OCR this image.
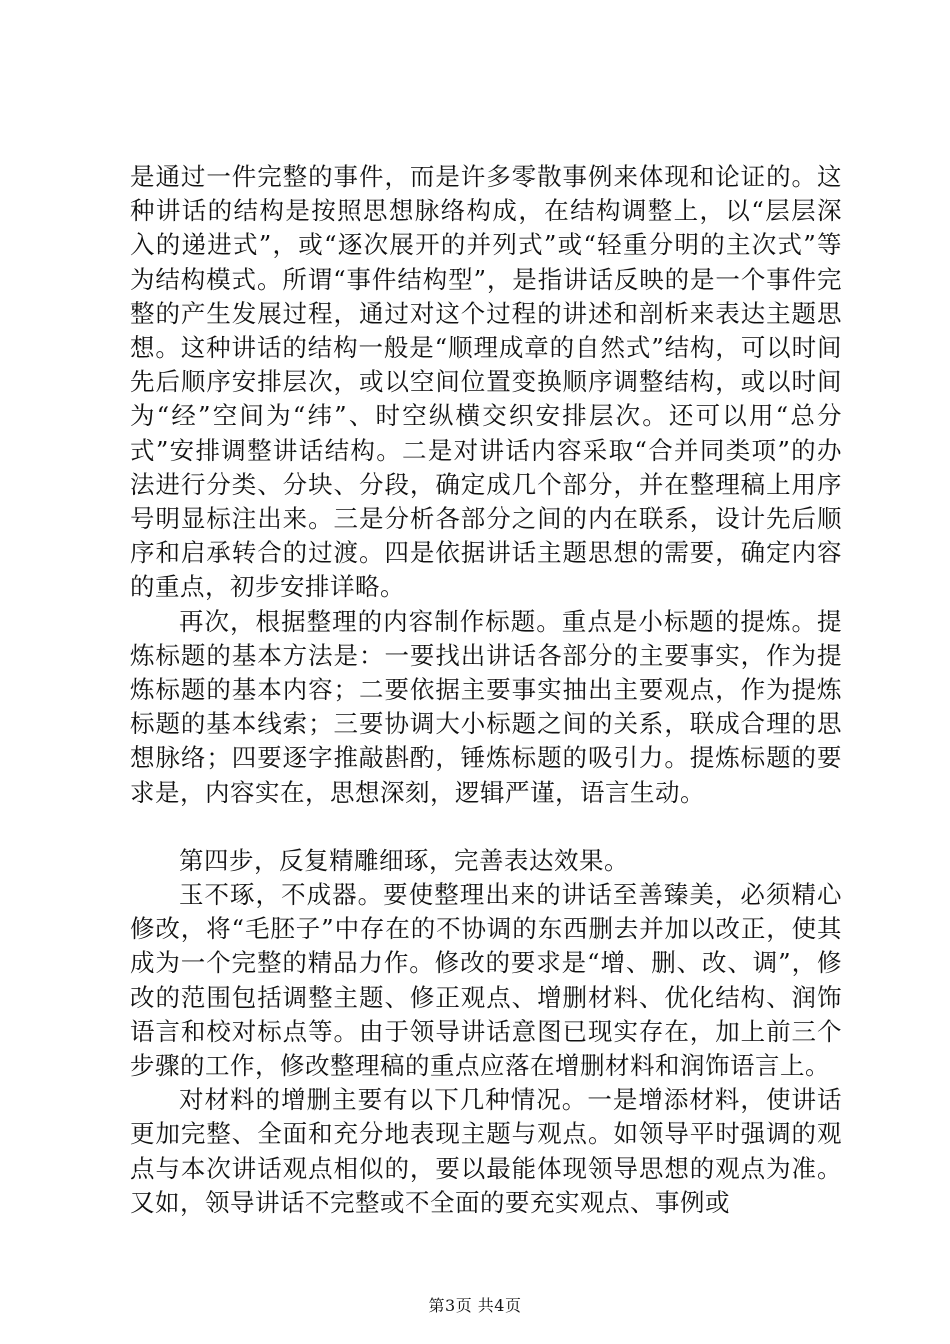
是通过一件完整的事件，而是许多零散事例来体现和论证的。这种讲话的结构是按照思想脉络构成，在结构调整上，以“层层深入的递进式”，或“逐次展开的并列式”或“轻重分明的主次式”等为结构模式。所谓“事件结构型”，是指讲话反映的是一个事件完整的产生发展过程，通过对这个过程的讲述和剖析来表达主题思想。这种讲话的结构一般是“顺理成章的自然式”结构，可以时间先后顺序安排层次，或以空间位置变换顺序调整结构，或以时间为“经”空间为“纬”、时空纵横交织安排层次。还可以用“总分式”安排调整讲话结构。二是对讲话内容采取“合并同类项”的办法进行分类、分块、分段，确定成几个部分，并在整理稿上用序号明显标注出来。三是分析各部分之间的内在联系，设计先后顺序和启承转合的过渡。四是依据讲话主题思想的需要，确定内容的重点，初步安排详略。

再次，根据整理的内容制作标题。重点是小标题的提炼。提炼标题的基本方法是：一要找出讲话各部分的主要事实，作为提炼标题的基本内容；二要依据主要事实抽出主要观点，作为提炼标题的基本线索；三要协调大小标题之间的关系，联成合理的思想脉络；四要逐字推敲斟酌，锤炼标题的吸引力。提炼标题的要求是，内容实在，思想深刻，逻辑严谨，语言生动。

第四步，反复精雕细琢，完善表达效果。

玉不琢，不成器。要使整理出来的讲话至善臻美，必须精心修改，将“毛胚子”中存在的不协调的东西删去并加以改正，使其成为一个完整的精品力作。修改的要求是“增、删、改、调”，修改的范围包括调整主题、修正观点、增删材料、优化结构、润饰语言和校对标点等。由于领导讲话意图已现实存在，加上前三个步骤的工作，修改整理稿的重点应落在增删材料和润饰语言上。

对材料的增删主要有以下几种情况。一是增添材料，使讲话更加完整、全面和充分地表现主题与观点。如领导平时强调的观点与本次讲话观点相似的，要以最能体现领导思想的观点为准。又如，领导讲话不完整或不全面的要充实观点、事例或

第3页 共4页
